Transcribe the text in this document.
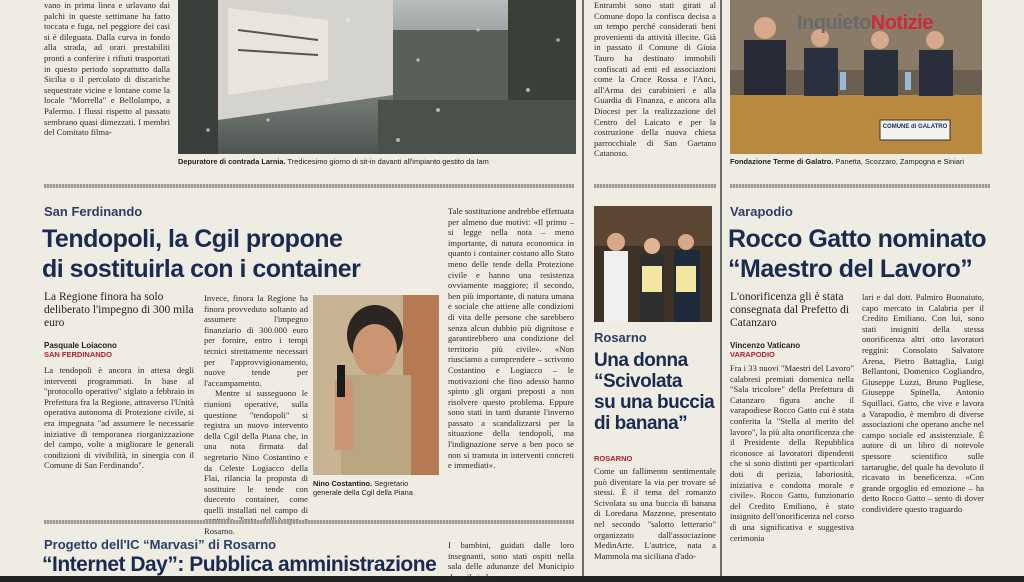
vano in prima linea e urlavano dai palchi in queste settimane ha fatto toccata e fuga, nel peggiore dei casi si è dileguata. Dalla curva in fondo alla strada, ad orari prestabiliti pronti a conferire i rifiuti trasportati in questo periodo soprattutto dalla Sicilia o il percolato di discariche sequestrate vicine e lontane come la locale "Morrella" e Bellolampo, a Palermo. I flussi rispetto al passato sembrano quasi dimezzati. I membri del Comitato filma-
Depuratore di contrada Larnia. Tredicesimo giorno di sit-in davanti all'impianto gestito da Iam
Entrambi sono stati girati al Comune dopo la confisca decisa a un tempo perché considerati beni provenienti da attività illecite. Già in passato il Comune di Gioia Tauro ha destinato immobili confiscati ad enti ed associazioni come la Croce Rossa e l'Anci, all'Arma dei carabinieri e alla Guardia di Finanza, e ancora alla Diocesi per la realizzazione del Centro del Laicato e per la costruzione della nuova chiesa parrocchiale di San Gaetano Catanoso.
COMUNE di GALATRO
Fondazione Terme di Galatro. Panetta, Scozzaro, Zampogna e Siniari
InquietoNotizie
San Ferdinando
Tendopoli, la Cgil propone
di sostituirla con i container
La Regione finora ha solo deliberato l'impegno di 300 mila euro
Pasquale Loiacono
SAN FERDINANDO
La tendopoli è ancora in attesa degli interventi programmati. In base al "protocollo operativo" siglato a febbraio in Prefettura fra la Regione, attraverso l'Unità operativa autonoma di Protezione civile, si era impegnata "ad assumere le necessarie iniziative di temporanea riorganizzazione del campo, volte a migliorare le generali condizioni di vivibilità, in sinergia con il Comune di San Ferdinando".
Invece, finora la Regione ha finora provveduto soltanto ad assumere l'impegno finanziario di 300.000 euro per fornire, entro i tempi tecnici strettamente necessari per l'approvvigionamento, nuove tende per l'accampamento.
Mentre si susseguono le riunioni operative, sulla questione "tendopoli" si registra un nuovo intervento della Cgil della Piana che, in una nota firmata dal segretario Nino Costantino e da Celeste Logiacco della Flai, rilancia la proposta di sostituire le tende con duecento container, come quelli installati nel campo di Rosarno.
Nino Costantino. Segretario generale della Cgil della Piana
Tale sostituzione andrebbe effettuata per almeno due motivi: «Il primo – si legge nella nota – meno importante, di natura economica in quanto i container costano allo Stato meno delle tende della Protezione civile e hanno una resistenza ovviamente maggiore; il secondo, ben più importante, di natura umana e sociale che attiene alle condizioni di vita delle persone che sarebbero senza alcun dubbio più dignitose e garantirebbero una condizione del territorio più civile». «Non riusciamo a comprendere – scrivono Costantino e Logiacco – le motivazioni che fino adesso hanno spinto gli organi preposti a non risolvere questo problema. Eppure sono stati in tanti durante l'inverno passato a scandalizzarsi per la situazione della tendopoli, ma l'indignazione serve a ben poco se non si tramuta in interventi concreti e immediati».
Rosarno
Una donna
“Scivolata
su una buccia
di banana”
ROSARNO
Come un fallimento sentimentale può diventare la via per trovare sé stessi. È il tema del romanzo Scivolata su una buccia di banana di Loredana Mazzone, presentato nel secondo "salotto letterario" organizzato dall'associazione MedinArte. L'autrice, nata a Mammola ma siciliana d'ado-
Varapodio
Rocco Gatto nominato
“Maestro del Lavoro”
L'onorificenza gli è stata consegnata dal Prefetto di Catanzaro
Vincenzo Vaticano
VARAPODIO
Fra i 33 nuovi "Maestri del Lavoro" calabresi premiati domenica nella "Sala tricolore" della Prefettura di Catanzaro figura anche il varapodiese Rocco Gatto cui è stata conferita la "Stella al merito del lavoro", la più alta onorificenza che il Presidente della Repubblica riconosce ai lavoratori dipendenti che si sono distinti per «particolari doti di perizia, laboriosità, iniziativa e condotta morale e civile». Rocco Gatto, funzionario del Credito Emiliano, è stato insignito dell'onorificenza nel corso di una significativa e suggestiva cerimonia
lari e dal dott. Palmiro Buonaiuto, capo mercato in Calabria per il Credito Emiliano. Con lui, sono stati insigniti della stessa onorificenza altri otto lavoratori reggini: Consolato Salvatore Arena, Pietro Battaglia, Luigi Bellantoni, Domenico Cogliandro, Giuseppe Luzzi, Bruno Pugliese, Giuseppe Spinella, Antonio Squillaci. Gatto, che vive e lavora a Varapodio, è membro di diverse associazioni che operano anche nel campo sociale ed assistenziale. È autore di un libro di notevole spessore scientifico sulle tartarughe, del quale ha devoluto il ricavato in beneficenza. «Con grande orgoglio ed emozione – ha detto Rocco Gatto – sento di dover condividere questo traguardo
Progetto dell'IC “Marvasi” di Rosarno
“Internet Day”: Pubblica amministrazione
I bambini, guidati dalle loro insegnanti, sono stati ospiti nella sala delle adunanze del Municipio dove il sindaco
